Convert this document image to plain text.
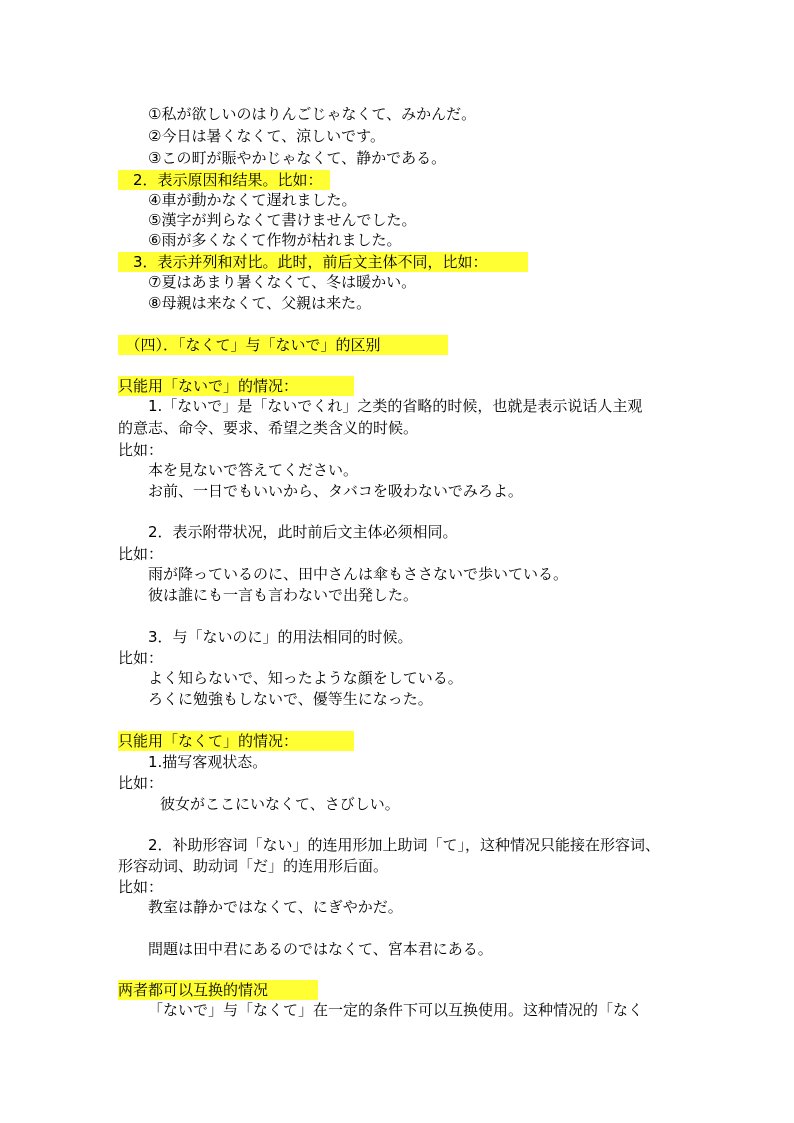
①私が欲しいのはりんごじゃなくて、みかんだ。

②今日は暑くなくて、涼しいです。

③この町が賑やかじゃなくて、静かである。

　2．表示原因和结果。比如：　

④車が動かなくて遅れました。

⑤漢字が判らなくて書けませんでした。

⑥雨が多くなくて作物が枯れました。

　3．表示并列和对比。此时，前后文主体不同，比如：　

⑦夏はあまり暑くなくて、冬は暖かい。

⑧母親は来なくて、父親は来た。

　（四）．「なくて」与「ないで」的区别　

只能用「ないで」的情况：

1.「ないで」是「ないでくれ」之类的省略的时候，也就是表示说话人主观

的意志、命令、要求、希望之类含义的时候。

比如：

本を見ないで答えてください。

お前、一日でもいいから、タバコを吸わないでみろよ。

2．表示附带状况，此时前后文主体必须相同。

比如：

雨が降っているのに、田中さんは傘もささないで歩いている。

彼は誰にも一言も言わないで出発した。

3．与「ないのに」的用法相同的时候。

比如：

よく知らないで、知ったような顔をしている。

ろくに勉強もしないで、優等生になった。

只能用「なくて」的情况：

1.描写客观状态。

比如：

彼女がここにいなくて、さびしい。

2．补助形容词「ない」的连用形加上助词「て」，这种情况只能接在形容词、

形容动词、助动词「だ」的连用形后面。

比如：

教室は静かではなくて、にぎやかだ。

問題は田中君にあるのではなくて、宮本君にある。

两者都可以互换的情况

「ないで」与「なくて」在一定的条件下可以互换使用。这种情况的「なく
